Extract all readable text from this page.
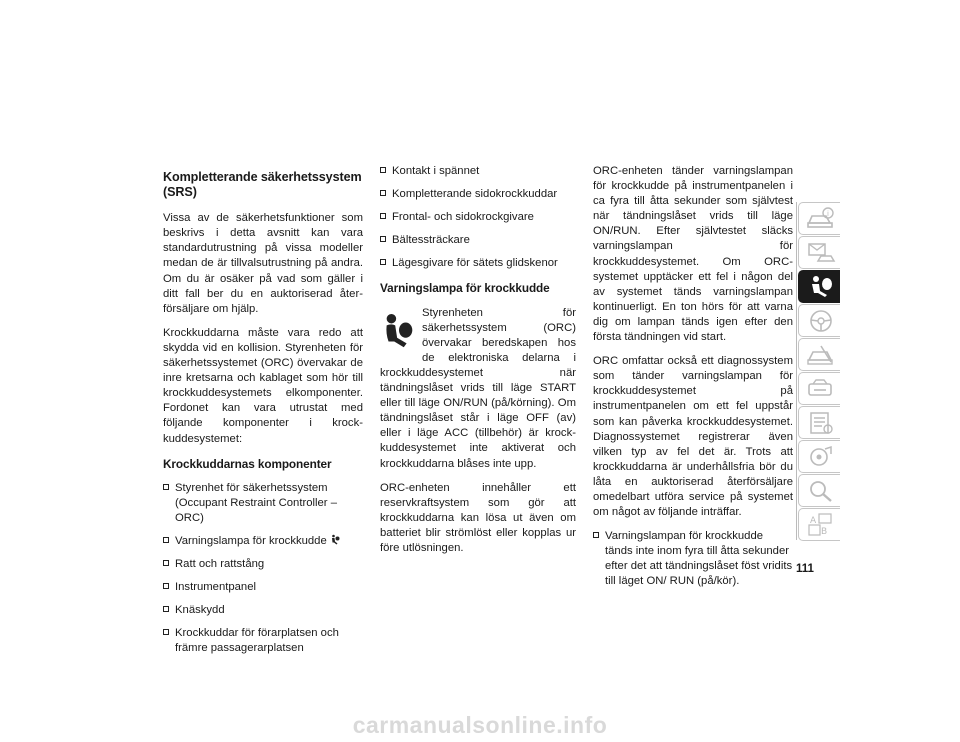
Kompletterande säkerhetssystem (SRS)

Vissa av de säkerhetsfunktioner som beskrivs i detta avsnitt kan vara standardutrustning på vissa modeller medan de är tillvalsutrustning på andra. Om du är osäker på vad som gäller i ditt fall ber du en auktoriserad återförsäljare om hjälp.

Krockkuddarna måste vara redo att skydda vid en kollision. Styrenheten för säkerhetssystemet (ORC) övervakar de inre kretsarna och kablaget som hör till krockkuddesystemets elkomponenter. Fordonet kan vara utrustat med följande komponenter i krockkuddesystemet:

Krockkuddarnas komponenter
Styrenhet för säkerhetssystem (Occupant Restraint Controller – ORC)
Varningslampa för krockkudde
Ratt och rattstång
Instrumentpanel
Knäskydd
Krockkuddar för förarplatsen och främre passagerarplatsen
Kontakt i spännet
Kompletterande sidokrockkuddar
Frontal- och sidokrockgivare
Bältessträckare
Lägesgivare för sätets glidskenor
Varningslampa för krockkudde

Styrenheten för säkerhetssystem (ORC) övervakar beredskapen hos de elektroniska delarna i krockkuddesystemet när tändningslåset vrids till läge START eller till läge ON/RUN (på/körning). Om tändningslåset står i läge OFF (av) eller i läge ACC (tillbehör) är krockkuddesystemet inte aktiverat och krockkuddarna blåses inte upp.

ORC-enheten innehåller ett reservkraftsystem som gör att krockkuddarna kan lösa ut även om batteriet blir strömlöst eller kopplas ur före utlösningen.

ORC-enheten tänder varningslampan för krockkudde på instrumentpanelen i ca fyra till åtta sekunder som självtest när tändningslåset vrids till läge ON/RUN. Efter självtestet släcks varningslampan för krockkuddesystemet. Om ORC-systemet upptäcker ett fel i någon del av systemet tänds varningslampan kontinuerligt. En ton hörs för att varna dig om lampan tänds igen efter den första tändningen vid start.

ORC omfattar också ett diagnossystem som tänder varningslampan för krockkuddesystemet på instrumentpanelen om ett fel uppstår som kan påverka krockkuddesystemet. Diagnossystemet registrerar även vilken typ av fel det är. Trots att krockkuddarna är underhållsfria bör du låta en auktoriserad återförsäljare omedelbart utföra service på systemet om något av följande inträffar.

Varningslampan för krockkudde tänds inte inom fyra till åtta sekunder efter det att tändningslåset föst vridits till läget ON/ RUN (på/kör).
i
A
B
111
carmanualsonline.info
